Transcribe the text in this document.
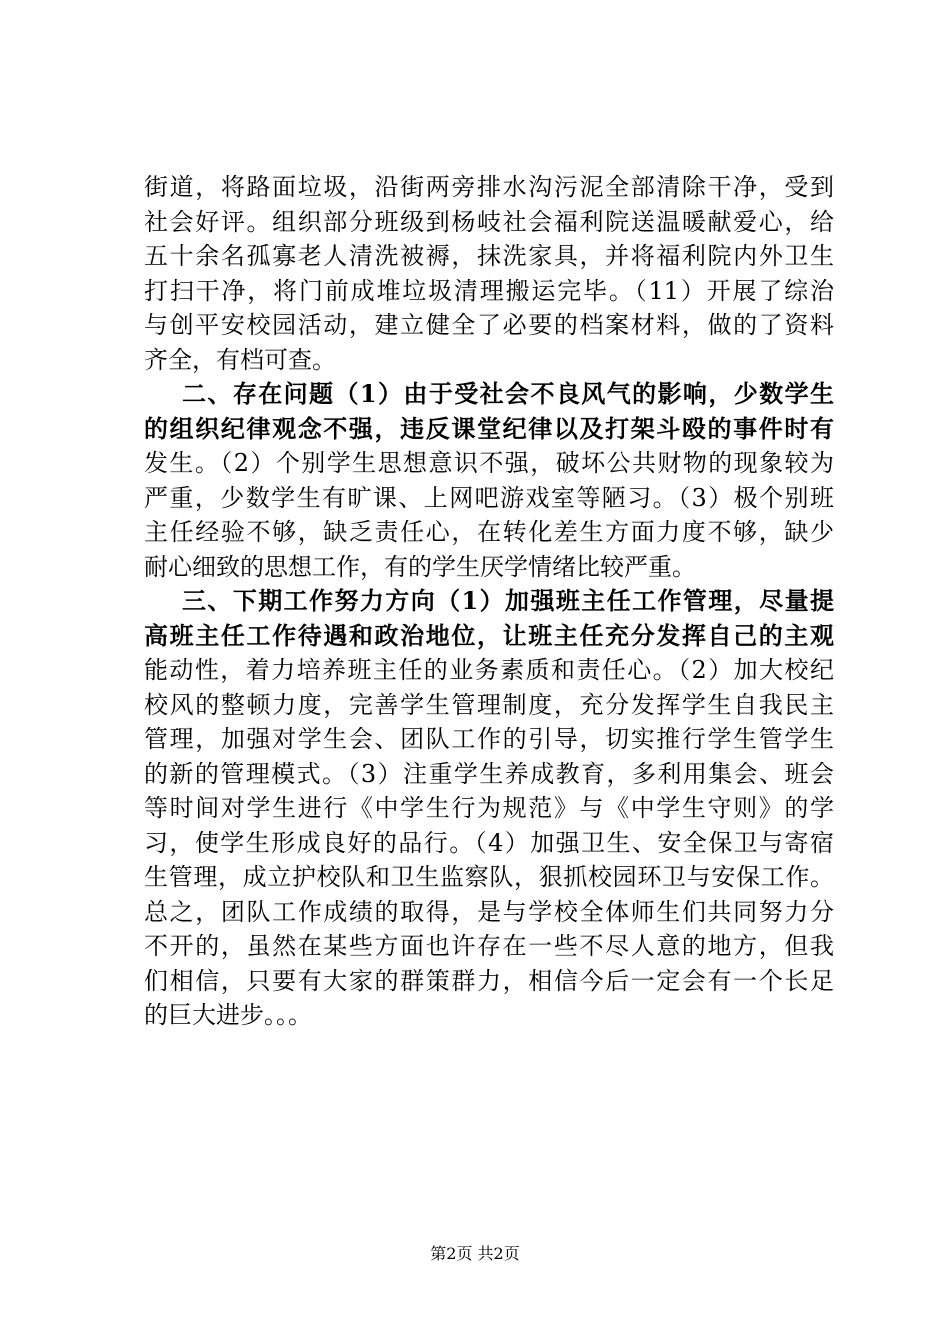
街道，将路面垃圾，沿街两旁排水沟污泥全部清除干净，受到
社会好评。组织部分班级到杨岐社会福利院送温暖献爱心，给
五十余名孤寡老人清洗被褥，抹洗家具，并将福利院内外卫生
打扫干净，将门前成堆垃圾清理搬运完毕。（11）开展了综治
与创平安校园活动，建立健全了必要的档案材料，做的了资料
齐全，有档可查。
二、存在问题（1）由于受社会不良风气的影响，少数学生
的组织纪律观念不强，违反课堂纪律以及打架斗殴的事件时有
发生。（2）个别学生思想意识不强，破坏公共财物的现象较为
严重，少数学生有旷课、上网吧游戏室等陋习。（3）极个别班
主任经验不够，缺乏责任心，在转化差生方面力度不够，缺少
耐心细致的思想工作，有的学生厌学情绪比较严重。
三、下期工作努力方向（1）加强班主任工作管理，尽量提
高班主任工作待遇和政治地位，让班主任充分发挥自己的主观
能动性，着力培养班主任的业务素质和责任心。（2）加大校纪
校风的整顿力度，完善学生管理制度，充分发挥学生自我民主
管理，加强对学生会、团队工作的引导，切实推行学生管学生
的新的管理模式。（3）注重学生养成教育，多利用集会、班会
等时间对学生进行《中学生行为规范》与《中学生守则》的学
习，使学生形成良好的品行。（4）加强卫生、安全保卫与寄宿
生管理，成立护校队和卫生监察队，狠抓校园环卫与安保工作。
总之，团队工作成绩的取得，是与学校全体师生们共同努力分
不开的，虽然在某些方面也许存在一些不尽人意的地方，但我
们相信，只要有大家的群策群力，相信今后一定会有一个长足
的巨大进步。。。
第2页 共2页
